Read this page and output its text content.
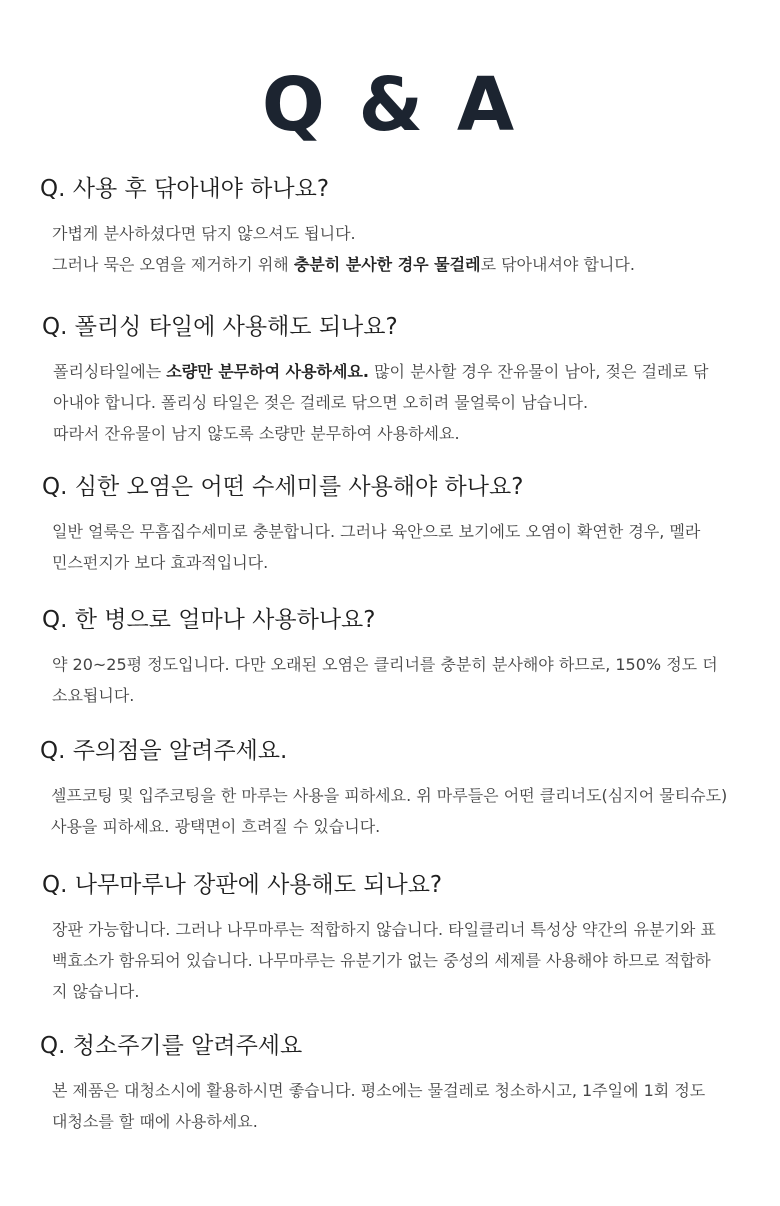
Q & A
Q. 사용 후 닦아내야 하나요?
가볍게 분사하셨다면 닦지 않으셔도 됩니다.
그러나 묵은 오염을 제거하기 위해 충분히 분사한 경우 물걸레로 닦아내셔야 합니다.
Q. 폴리싱 타일에 사용해도 되나요?
폴리싱타일에는 소량만 분무하여 사용하세요. 많이 분사할 경우 잔유물이 남아, 젖은 걸레로 닦
아내야 합니다. 폴리싱 타일은 젖은 걸레로 닦으면 오히려 물얼룩이 남습니다.
따라서 잔유물이 남지 않도록 소량만 분무하여 사용하세요.
Q. 심한 오염은 어떤 수세미를 사용해야 하나요?
일반 얼룩은 무흠집수세미로 충분합니다. 그러나 육안으로 보기에도 오염이 확연한 경우, 멜라
민스펀지가 보다 효과적입니다.
Q. 한 병으로 얼마나 사용하나요?
약 20~25평 정도입니다. 다만 오래된 오염은 클리너를 충분히 분사해야 하므로, 150% 정도 더
소요됩니다.
Q. 주의점을 알려주세요.
셀프코팅 및 입주코팅을 한 마루는 사용을 피하세요. 위 마루들은 어떤 클리너도(심지어 물티슈도)
사용을 피하세요. 광택면이 흐려질 수 있습니다.
Q. 나무마루나 장판에 사용해도 되나요?
장판 가능합니다. 그러나 나무마루는 적합하지 않습니다. 타일클리너 특성상 약간의 유분기와 표
백효소가 함유되어 있습니다. 나무마루는 유분기가 없는 중성의 세제를 사용해야 하므로 적합하
지 않습니다.
Q. 청소주기를 알려주세요
본 제품은 대청소시에 활용하시면 좋습니다. 평소에는 물걸레로 청소하시고, 1주일에 1회 정도
대청소를 할 때에 사용하세요.
